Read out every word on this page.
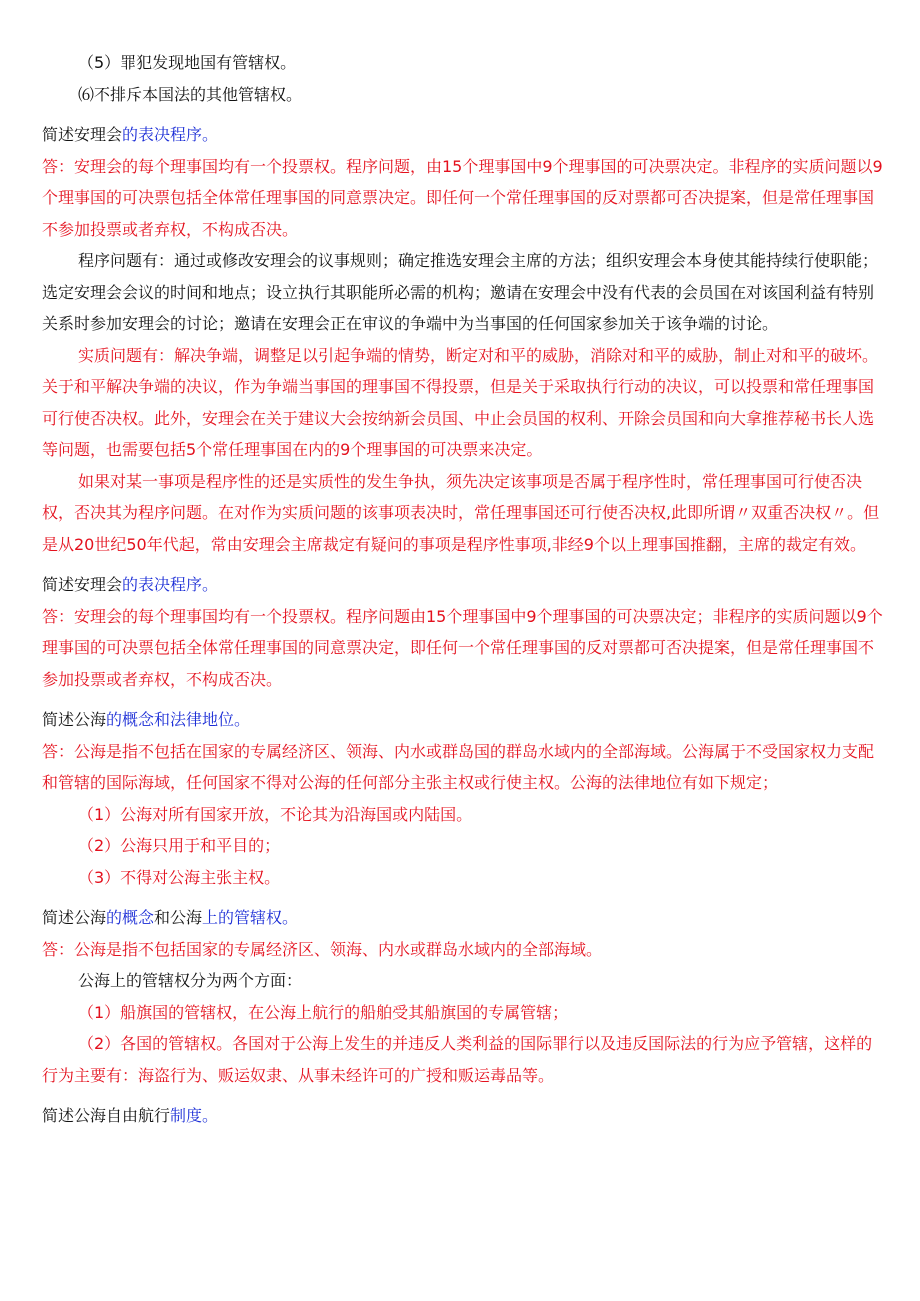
（5）罪犯发现地国有管辖权。

⑹不排斥本国法的其他管辖权。

简述安理会的表决程序。

答：安理会的每个理事国均有一个投票权。程序问题，由15个理事国中9个理事国的可决票决定。非程序的实质问题以9个理事国的可决票包括全体常任理事国的同意票决定。即任何一个常任理事国的反对票都可否决提案，但是常任理事国不参加投票或者弃权，不构成否决。

程序问题有：通过或修改安理会的议事规则；确定推选安理会主席的方法；组织安理会本身使其能持续行使职能；选定安理会会议的时间和地点；设立执行其职能所必需的机构；邀请在安理会中没有代表的会员国在对该国利益有特别关系时参加安理会的讨论；邀请在安理会正在审议的争端中为当事国的任何国家参加关于该争端的讨论。

实质问题有：解决争端，调整足以引起争端的情势，断定对和平的威胁，消除对和平的威胁，制止对和平的破坏。关于和平解决争端的决议，作为争端当事国的理事国不得投票，但是关于采取执行行动的决议，可以投票和常任理事国可行使否决权。此外，安理会在关于建议大会按纳新会员国、中止会员国的权利、开除会员国和向大拿推荐秘书长人选等问题，也需要包括5个常任理事国在内的9个理事国的可决票来决定。

如果对某一事项是程序性的还是实质性的发生争执，须先决定该事项是否属于程序性时，常任理事国可行使否决权，否决其为程序问题。在对作为实质问题的该事项表决时，常任理事国还可行使否决权,此即所谓〃双重否决权〃。但是从20世纪50年代起，常由安理会主席裁定有疑问的事项是程序性事项,非经9个以上理事国推翻，主席的裁定有效。

简述安理会的表决程序。

答：安理会的每个理事国均有一个投票权。程序问题由15个理事国中9个理事国的可决票决定；非程序的实质问题以9个理事国的可决票包括全体常任理事国的同意票决定，即任何一个常任理事国的反对票都可否决提案，但是常任理事国不参加投票或者弃权，不构成否决。

简述公海的概念和法律地位。

答：公海是指不包括在国家的专属经济区、领海、内水或群岛国的群岛水域内的全部海域。公海属于不受国家权力支配和管辖的国际海域，任何国家不得对公海的任何部分主张主权或行使主权。公海的法律地位有如下规定；

（1）公海对所有国家开放，不论其为沿海国或内陆国。

（2）公海只用于和平目的；

（3）不得对公海主张主权。

简述公海的概念和公海上的管辖权。

答：公海是指不包括国家的专属经济区、领海、内水或群岛水域内的全部海域。

公海上的管辖权分为两个方面：

（1）船旗国的管辖权，在公海上航行的船舶受其船旗国的专属管辖；

（2）各国的管辖权。各国对于公海上发生的并违反人类利益的国际罪行以及违反国际法的行为应予管辖，这样的行为主要有：海盗行为、贩运奴隶、从事未经许可的广授和贩运毒品等。

简述公海自由航行制度。
